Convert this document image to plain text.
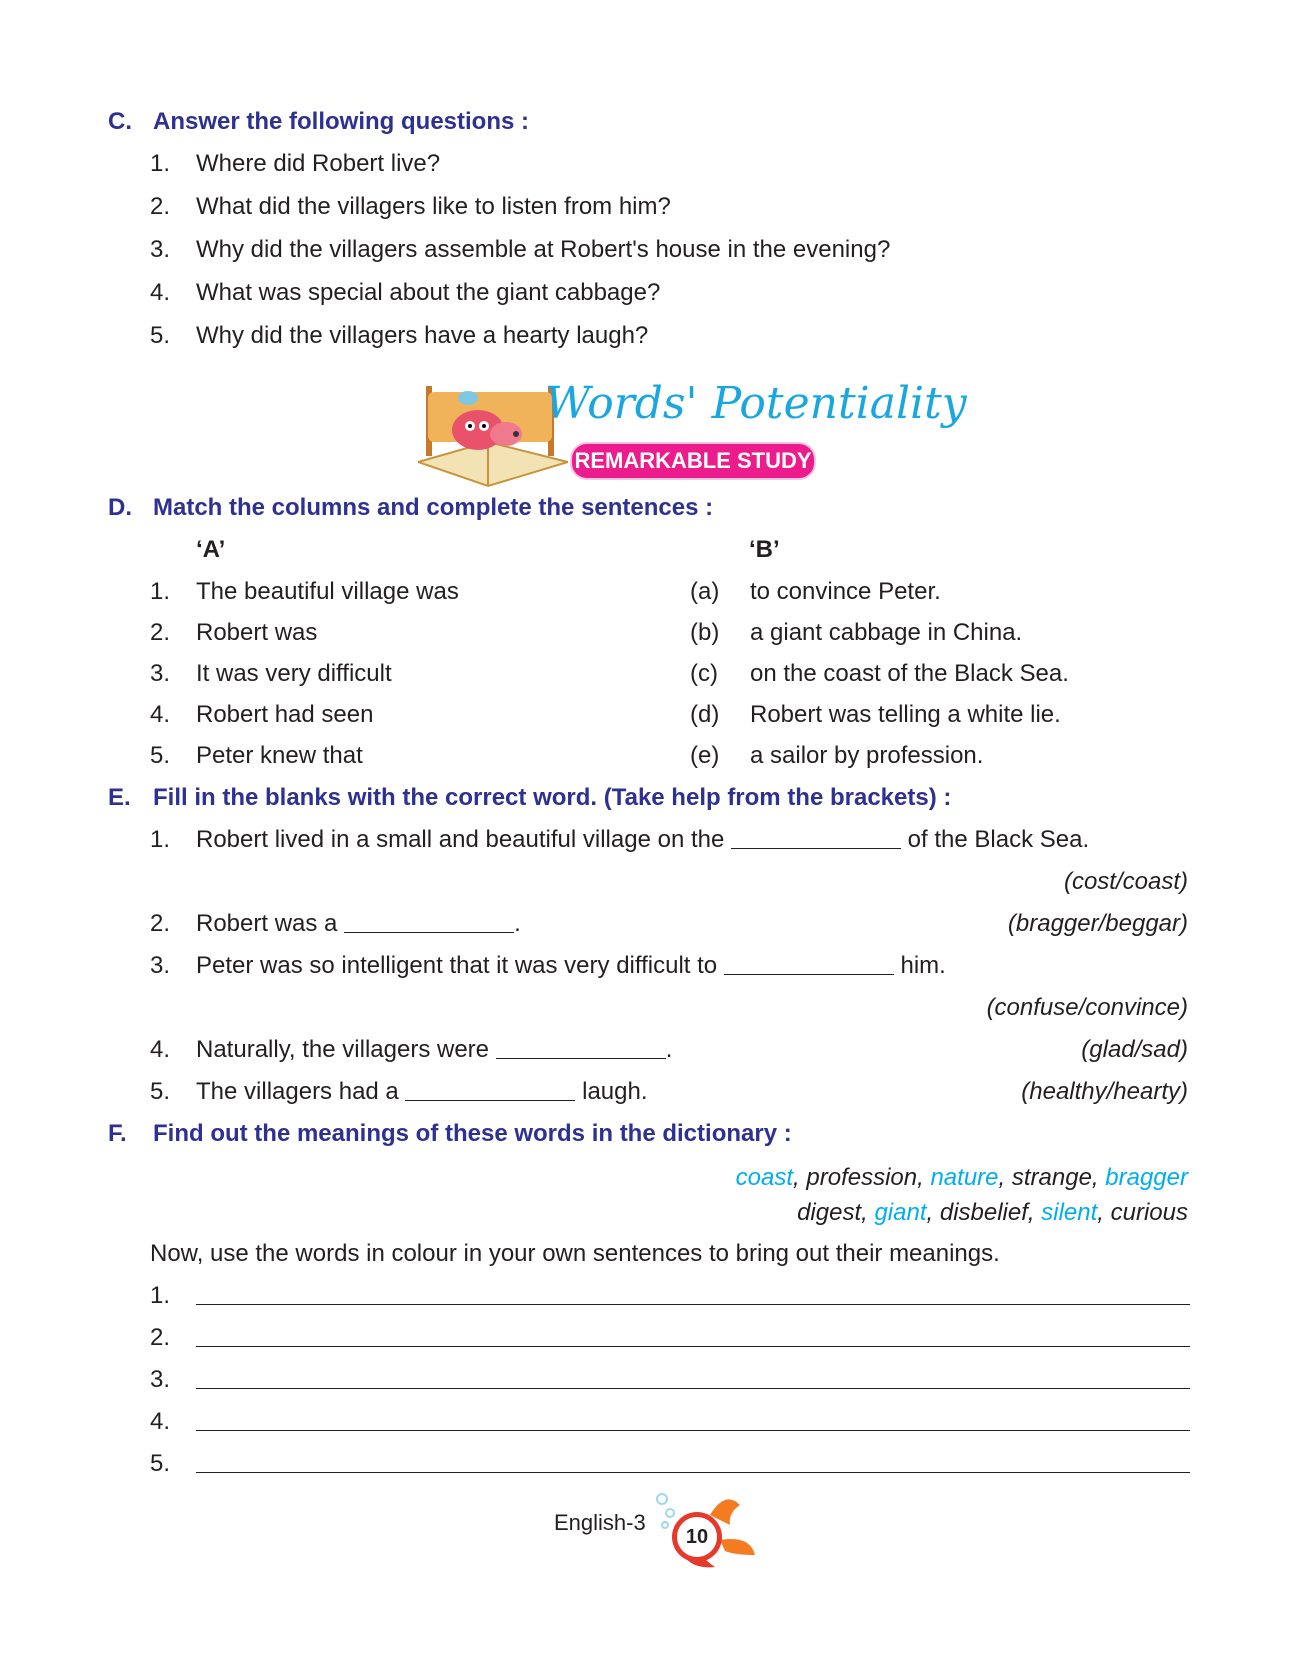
C. Answer the following questions :
1. Where did Robert live?
2. What did the villagers like to listen from him?
3. Why did the villagers assemble at Robert's house in the evening?
4. What was special about the giant cabbage?
5. Why did the villagers have a hearty laugh?
Words' Potentiality
REMARKABLE STUDY
D. Match the columns and complete the sentences :
‘A’	‘B’
1. The beautiful village was	(a) to convince Peter.
2. Robert was	(b) a giant cabbage in China.
3. It was very difficult	(c) on the coast of the Black Sea.
4. Robert had seen	(d) Robert was telling a white lie.
5. Peter knew that	(e) a sailor by profession.
E. Fill in the blanks with the correct word. (Take help from the brackets) :
1. Robert lived in a small and beautiful village on the	of the Black Sea.
(cost/coast)
2. Robert was a	.	(bragger/beggar)
3. Peter was so intelligent that it was very difficult to	him.
(confuse/convince)
4. Naturally, the villagers were	.	(glad/sad)
5. The villagers had a	laugh.	(healthy/hearty)
F. Find out the meanings of these words in the dictionary :
coast, profession, nature, strange, bragger
digest, giant, disbelief, silent, curious
Now, use the words in colour in your own sentences to bring out their meanings.
1.
2.
3.
4.
5.
English-3
10
